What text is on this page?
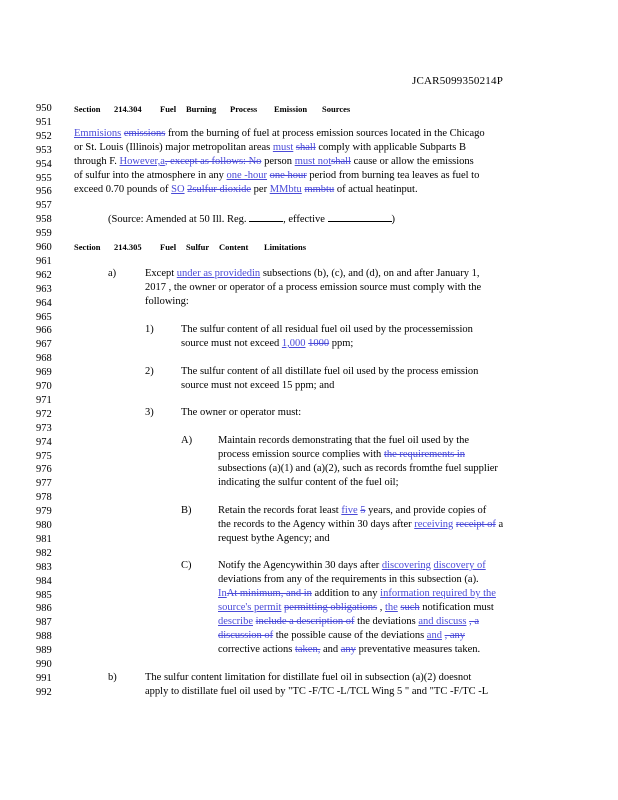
JCAR5099350214P
950
951
952
953
954
955
956
957
958
959
960
961
962
963
964
965
966
967
968
969
970
971
972
973
974
975
976
977
978
979
980
981
982
983
984
985
986
987
988
989
990
991
992
Section 214.304 Fuel Burning Process Emission Sources
Emmisions emissions from the burning of fuel at process emission sources located in the Chicago
or St. Louis (Illinois) major metropolitan areas must shall comply with applicable Subparts B
through F. However,a, except as follows: No person must notshall cause or allow the emissions
of sulfur into the atmosphere in any one -hour one hour period from burning tea leaves as fuel to
exceed 0.70 pounds of SO 2sulfur dioxide per MMbtu mmbtu of actual heatinput.
(Source: Amended at 50 Ill. Reg.	, effective	)
Section 214.305 Fuel Sulfur Content Limitations
a)	Except under as providedin subsections (b), (c), and (d), on and after January 1,
2017 , the owner or operator of a process emission source must comply with the
following:
1)	The sulfur content of all residual fuel oil used by the processemission
source must not exceed 1,000 1000 ppm;
2)	The sulfur content of all distillate fuel oil used by the process emission
source must not exceed 15 ppm; and
3)	The owner or operator must:
A) Maintain records demonstrating that the fuel oil used by the
process emission source complies with the requirements in
subsections (a)(1) and (a)(2), such as records fromthe fuel supplier
indicating the sulfur content of the fuel oil;
B)	Retain the records forat least five 5 years, and provide copies of
the records to the Agency within 30 days after receiving receipt of a
request bythe Agency; and
C)	Notify the Agencywithin 30 days after discovering discovery of
deviations from any of the requirements in this subsection (a).
InAt minimum, and in addition to any information required by the
source's permit permitting obligations , the such notification must
describe include a description of the deviations and discuss , a
discussion of the possible cause of the deviations and , any
corrective actions taken, and any preventative measures taken.
b)	The sulfur content limitation for distillate fuel oil in subsection (a)(2) doesnot
apply to distillate fuel oil used by "TC -F/TC -L/TCL Wing 5 " and "TC -F/TC -L
